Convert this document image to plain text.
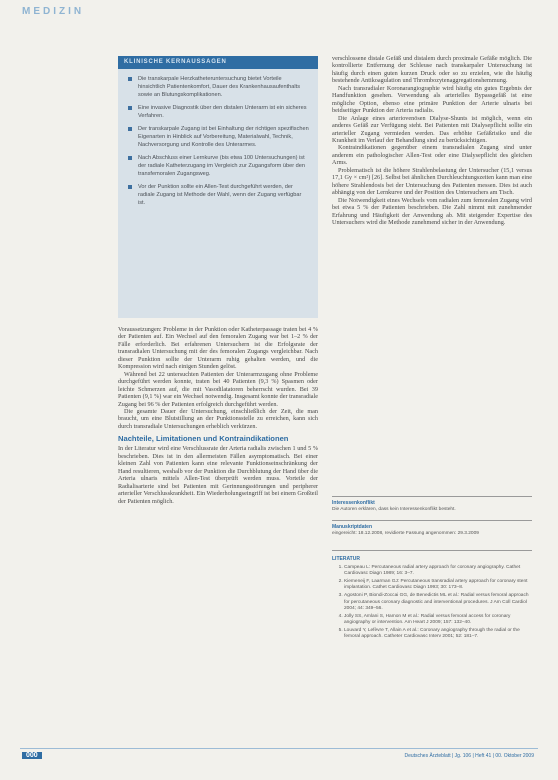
MEDIZIN
KLINISCHE KERNAUSSAGEN
Die transkarpale Herzkatheteruntersuchung bietet Vorteile hinsichtlich Patientenkomfort, Dauer des Krankenhausaufenthalts sowie an Blutungskomplikationen.
Eine invasive Diagnostik über den distalen Unterarm ist ein sicheres Verfahren.
Der transkarpale Zugang ist bei Einhaltung der richtigen spezifischen Eigenarten in Hinblick auf Vorbereitung, Materialwahl, Technik, Nachversorgung und Kontrolle des Unterarmes.
Nach Abschluss einer Lernkurve (bis etwa 100 Untersuchungen) ist der radiale Katheterzugang im Vergleich zur Zugangsform über den transfemoralen Zugangsweg.
Vor der Punktion sollte ein Allen-Test durchgeführt werden, der radiale Zugang ist Methode der Wahl, wenn der Zugang verfügbar ist.

Voraussetzungen: Probleme in der Punktion oder Katheterpassage traten bei 4 % der Patienten auf. Ein Wechsel auf den femoralen Zugang war bei 1–2 % der Fälle erforderlich. Bei erfahrenen Untersuchern ist die Erfolgsrate der transradialen Untersuchung mit der des femoralen Zugangs vergleichbar. Nach dieser Punktion sollte der Unterarm ruhig gehalten werden, und die Kompression wird nach einigen Stunden gelöst.

Während bei 22 untersuchten Patienten der Unterarmzugang ohne Probleme durchgeführt werden konnte, traten bei 40 Patienten (9,3 %) Spasmen oder leichte Schmerzen auf, die mit Vasodilatatoren beherrscht wurden. Bei 39 Patienten (9,1 %) war ein Wechsel notwendig. Insgesamt konnte der transradiale Zugang bei 96 % der Patienten erfolgreich durchgeführt werden.

Die gesamte Dauer der Untersuchung, einschließlich der Zeit, die man braucht, um eine Blutstillung an der Punktionsstelle zu erreichen, kann sich durch transradiale Untersuchungen erheblich verkürzen.

Nachteile, Limitationen und Kontraindikationen

In der Literatur wird eine Verschlussrate der Arteria radialis zwischen 1 und 5 % beschrieben. Dies ist in den allermeisten Fällen asymptomatisch. Bei einer kleinen Zahl von Patienten kann eine relevante Funktionseinschränkung der Hand resultieren, weshalb vor der Punktion die Durchblutung der Hand über die Arteria ulnaris mittels Allen-Test überprüft werden muss. Vorteile der Radialisarterie sind bei Patienten mit Gerinnungsstörungen und peripherer arterieller Verschlusskrankheit. Ein Wiederholungseingriff ist bei einem Großteil der Patienten möglich.

verschlossene distale Gefäß und distalem durch proximale Gefäße möglich. Die kontrollierte Entfernung der Schleuse nach transkarpaler Untersuchung ist häufig durch einen guten kurzen Druck oder so zu erzielen, wie die häufig bestehende Antikoagulation und Thrombozytenaggregationshemmung.

Nach transradialer Koronarangiographie wird häufig ein gutes Ergebnis der Handfunktion gesehen. Verwendung als arterielles Bypassgefäß ist eine mögliche Option, ebenso eine primäre Punktion der Arterie ulnaris bei beidseitiger Punktion der Arteria radialis.

Die Anlage eines arteriovenösen Dialyse-Shunts ist möglich, wenn ein anderes Gefäß zur Verfügung steht. Bei Patienten mit Dialysepflicht sollte ein arterieller Zugang vermieden werden. Das erhöhte Gefäßrisiko und die Krankheit im Verlauf der Behandlung sind zu berücksichtigen.

Kontraindikationen gegenüber einem transradialen Zugang sind unter anderem ein pathologischer Allen-Test oder eine Dialysepflicht des gleichen Arms.

Problematisch ist die höhere Strahlenbelastung der Untersucher (15,1 versus 17,1 Gy × cm²) [26]. Selbst bei ähnlichen Durchleuchtungszeiten kann man eine höhere Strahlendosis bei der Untersuchung des Patienten messen. Dies ist auch abhängig von der Lernkurve und der Position des Untersuchers am Tisch.

Die Notwendigkeit eines Wechsels vom radialen zum femoralen Zugang wird bei etwa 5 % der Patienten beschrieben. Die Zahl nimmt mit zunehmender Erfahrung und Häufigkeit der Anwendung ab. Mit steigender Expertise des Untersuchers wird die Methode zunehmend sicher in der Anwendung.

Interessenkonflikt
Die Autoren erklären, dass kein Interessenkonflikt besteht.
Manuskriptdaten
eingereicht: 18.12.2008, revidierte Fassung angenommen: 29.3.2009
LITERATUR
1. Campeau L: Percutaneous radial artery approach for coronary angiography. Cathet Cardiovasc Diagn 1989; 16: 3–7.
2. Kiemeneij F, Laarman GJ: Percutaneous transradial artery approach for coronary stent implantation. Cathet Cardiovasc Diagn 1993; 30: 173–8.
3. Agostoni P, Biondi-Zoccai GG, de Benedictis ML et al.: Radial versus femoral approach for percutaneous coronary diagnostic and interventional procedures. J Am Coll Cardiol 2004; 44: 349–56.
4. Jolly SS, Amlani S, Hamon M et al.: Radial versus femoral access for coronary angiography or intervention. Am Heart J 2009; 157: 132–40.
5. Louvard Y, Lefèvre T, Allain A et al.: Coronary angiography through the radial or the femoral approach. Catheter Cardiovasc Interv 2001; 52: 181–7.
000	Deutsches Ärzteblatt | Jg. 106 | Heft 41 | 00. Oktober 2009
